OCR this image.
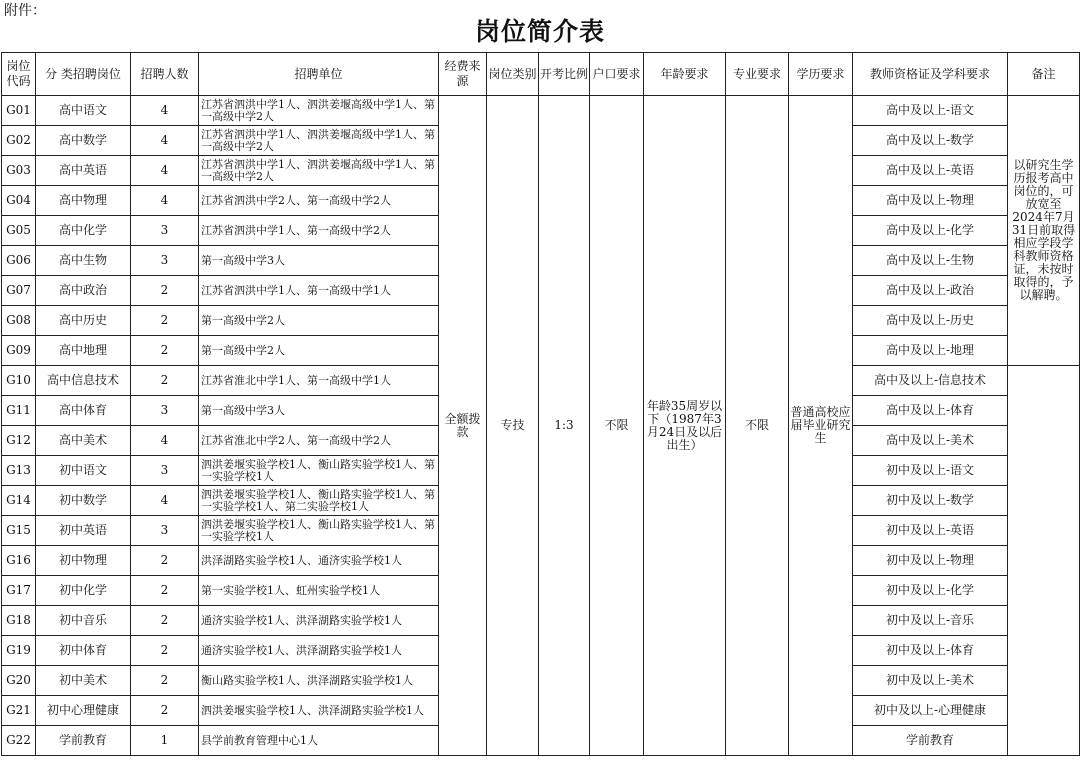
附件：
岗位简介表
岗位代码	分 类招聘岗位	招聘人数	招聘单位	经费来源	岗位类别	开考比例	户口要求	年龄要求	专业要求	学历要求	教师资格证及学科要求	备注
G01	高中语文	4	江苏省泗洪中学1人、泗洪姜堰高级中学1人、第一高级中学2人	全额拨款	专技	1:3	不限	年龄35周岁以下（1987年3月24日及以后出生）	不限	普通高校应届毕业研究生	高中及以上-语文	以研究生学历报考高中岗位的，可放宽至2024年7月31日前取得相应学段学科教师资格证，未按时取得的，予以解聘。
G02	高中数学	4	江苏省泗洪中学1人、泗洪姜堰高级中学1人、第一高级中学2人								高中及以上-数学	
G03	高中英语	4	江苏省泗洪中学1人、泗洪姜堰高级中学1人、第一高级中学2人								高中及以上-英语	
G04	高中物理	4	江苏省泗洪中学2人、第一高级中学2人								高中及以上-物理	
G05	高中化学	3	江苏省泗洪中学1人、第一高级中学2人								高中及以上-化学	
G06	高中生物	3	第一高级中学3人								高中及以上-生物	
G07	高中政治	2	江苏省泗洪中学1人、第一高级中学1人								高中及以上-政治	
G08	高中历史	2	第一高级中学2人								高中及以上-历史	
G09	高中地理	2	第一高级中学2人								高中及以上-地理	
G10	高中信息技术	2	江苏省淮北中学1人、第一高级中学1人								高中及以上-信息技术	
G11	高中体育	3	第一高级中学3人								高中及以上-体育	
G12	高中美术	4	江苏省淮北中学2人、第一高级中学2人								高中及以上-美术	
G13	初中语文	3	泗洪姜堰实验学校1人、衡山路实验学校1人、第一实验学校1人								初中及以上-语文	
G14	初中数学	4	泗洪姜堰实验学校1人、衡山路实验学校1人、第一实验学校1人、第二实验学校1人								初中及以上-数学	
G15	初中英语	3	泗洪姜堰实验学校1人、衡山路实验学校1人、第一实验学校1人								初中及以上-英语	
G16	初中物理	2	洪泽湖路实验学校1人、通济实验学校1人								初中及以上-物理	
G17	初中化学	2	第一实验学校1人、虹州实验学校1人								初中及以上-化学	
G18	初中音乐	2	通济实验学校1人、洪泽湖路实验学校1人								初中及以上-音乐	
G19	初中体育	2	通济实验学校1人、洪泽湖路实验学校1人								初中及以上-体育	
G20	初中美术	2	衡山路实验学校1人、洪泽湖路实验学校1人								初中及以上-美术	
G21	初中心理健康	2	泗洪姜堰实验学校1人、洪泽湖路实验学校1人								初中及以上-心理健康	
G22	学前教育	1	县学前教育管理中心1人								学前教育	
